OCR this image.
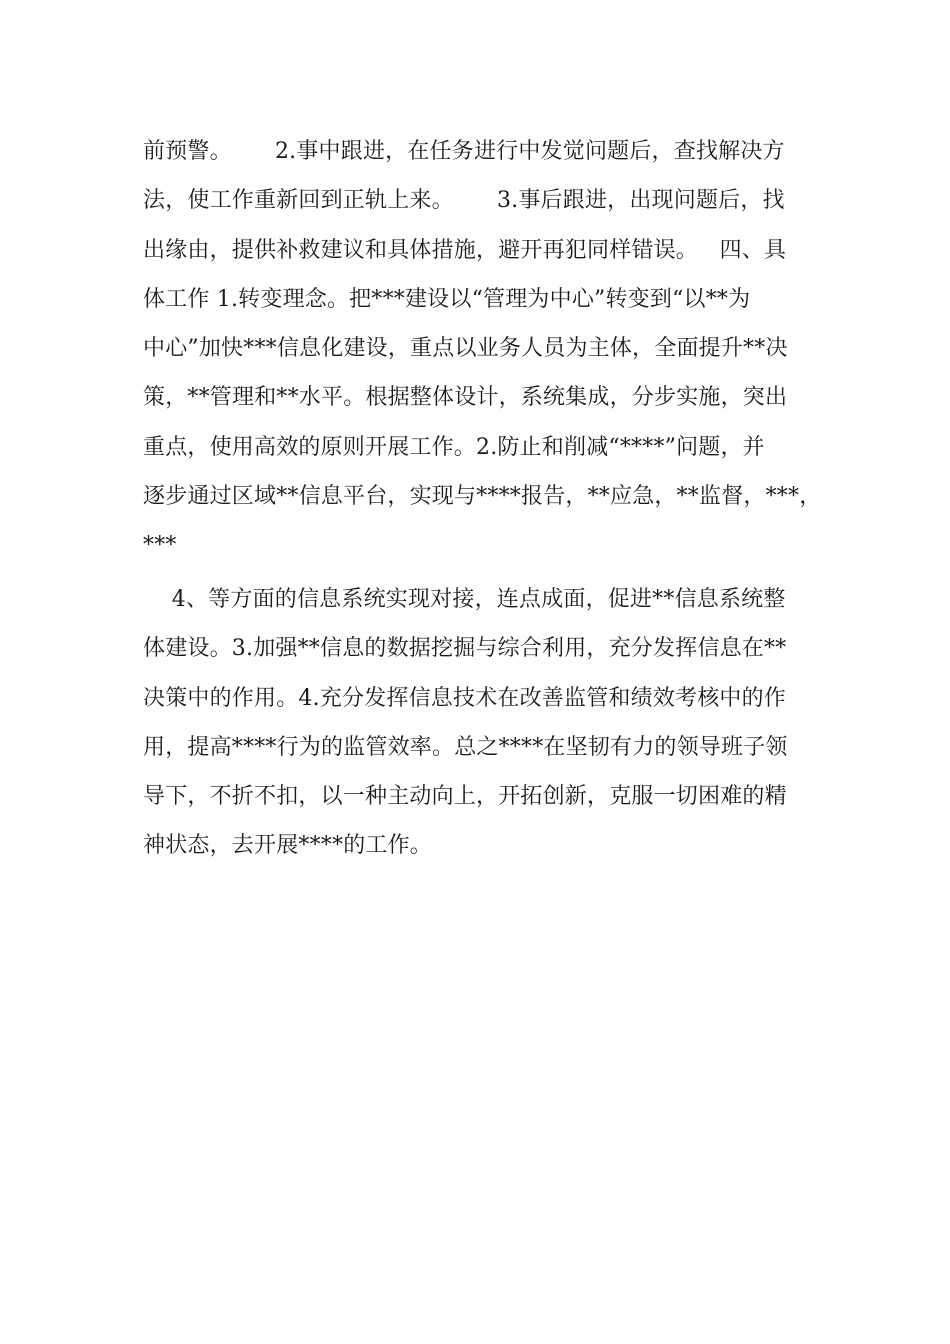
前预警。      2.事中跟进，在任务进行中发觉问题后，查找解决方
法，使工作重新回到正轨上来。      3.事后跟进，出现问题后，找
出缘由，提供补救建议和具体措施，避开再犯同样错误。   四、具
体工作 1.转变理念。把***建设以“管理为中心”转变到“以**为
中心”加快***信息化建设，重点以业务人员为主体，全面提升**决
策，**管理和**水平。根据整体设计，系统集成，分步实施，突出
重点，使用高效的原则开展工作。2.防止和削减“****”问题，并
逐步通过区域**信息平台，实现与****报告，**应急，**监督，***，
***
4、等方面的信息系统实现对接，连点成面，促进**信息系统整
体建设。3.加强**信息的数据挖掘与综合利用，充分发挥信息在**
决策中的作用。4.充分发挥信息技术在改善监管和绩效考核中的作
用，提高****行为的监管效率。总之****在坚韧有力的领导班子领
导下，不折不扣，以一种主动向上，开拓创新，克服一切困难的精
神状态，去开展****的工作。
